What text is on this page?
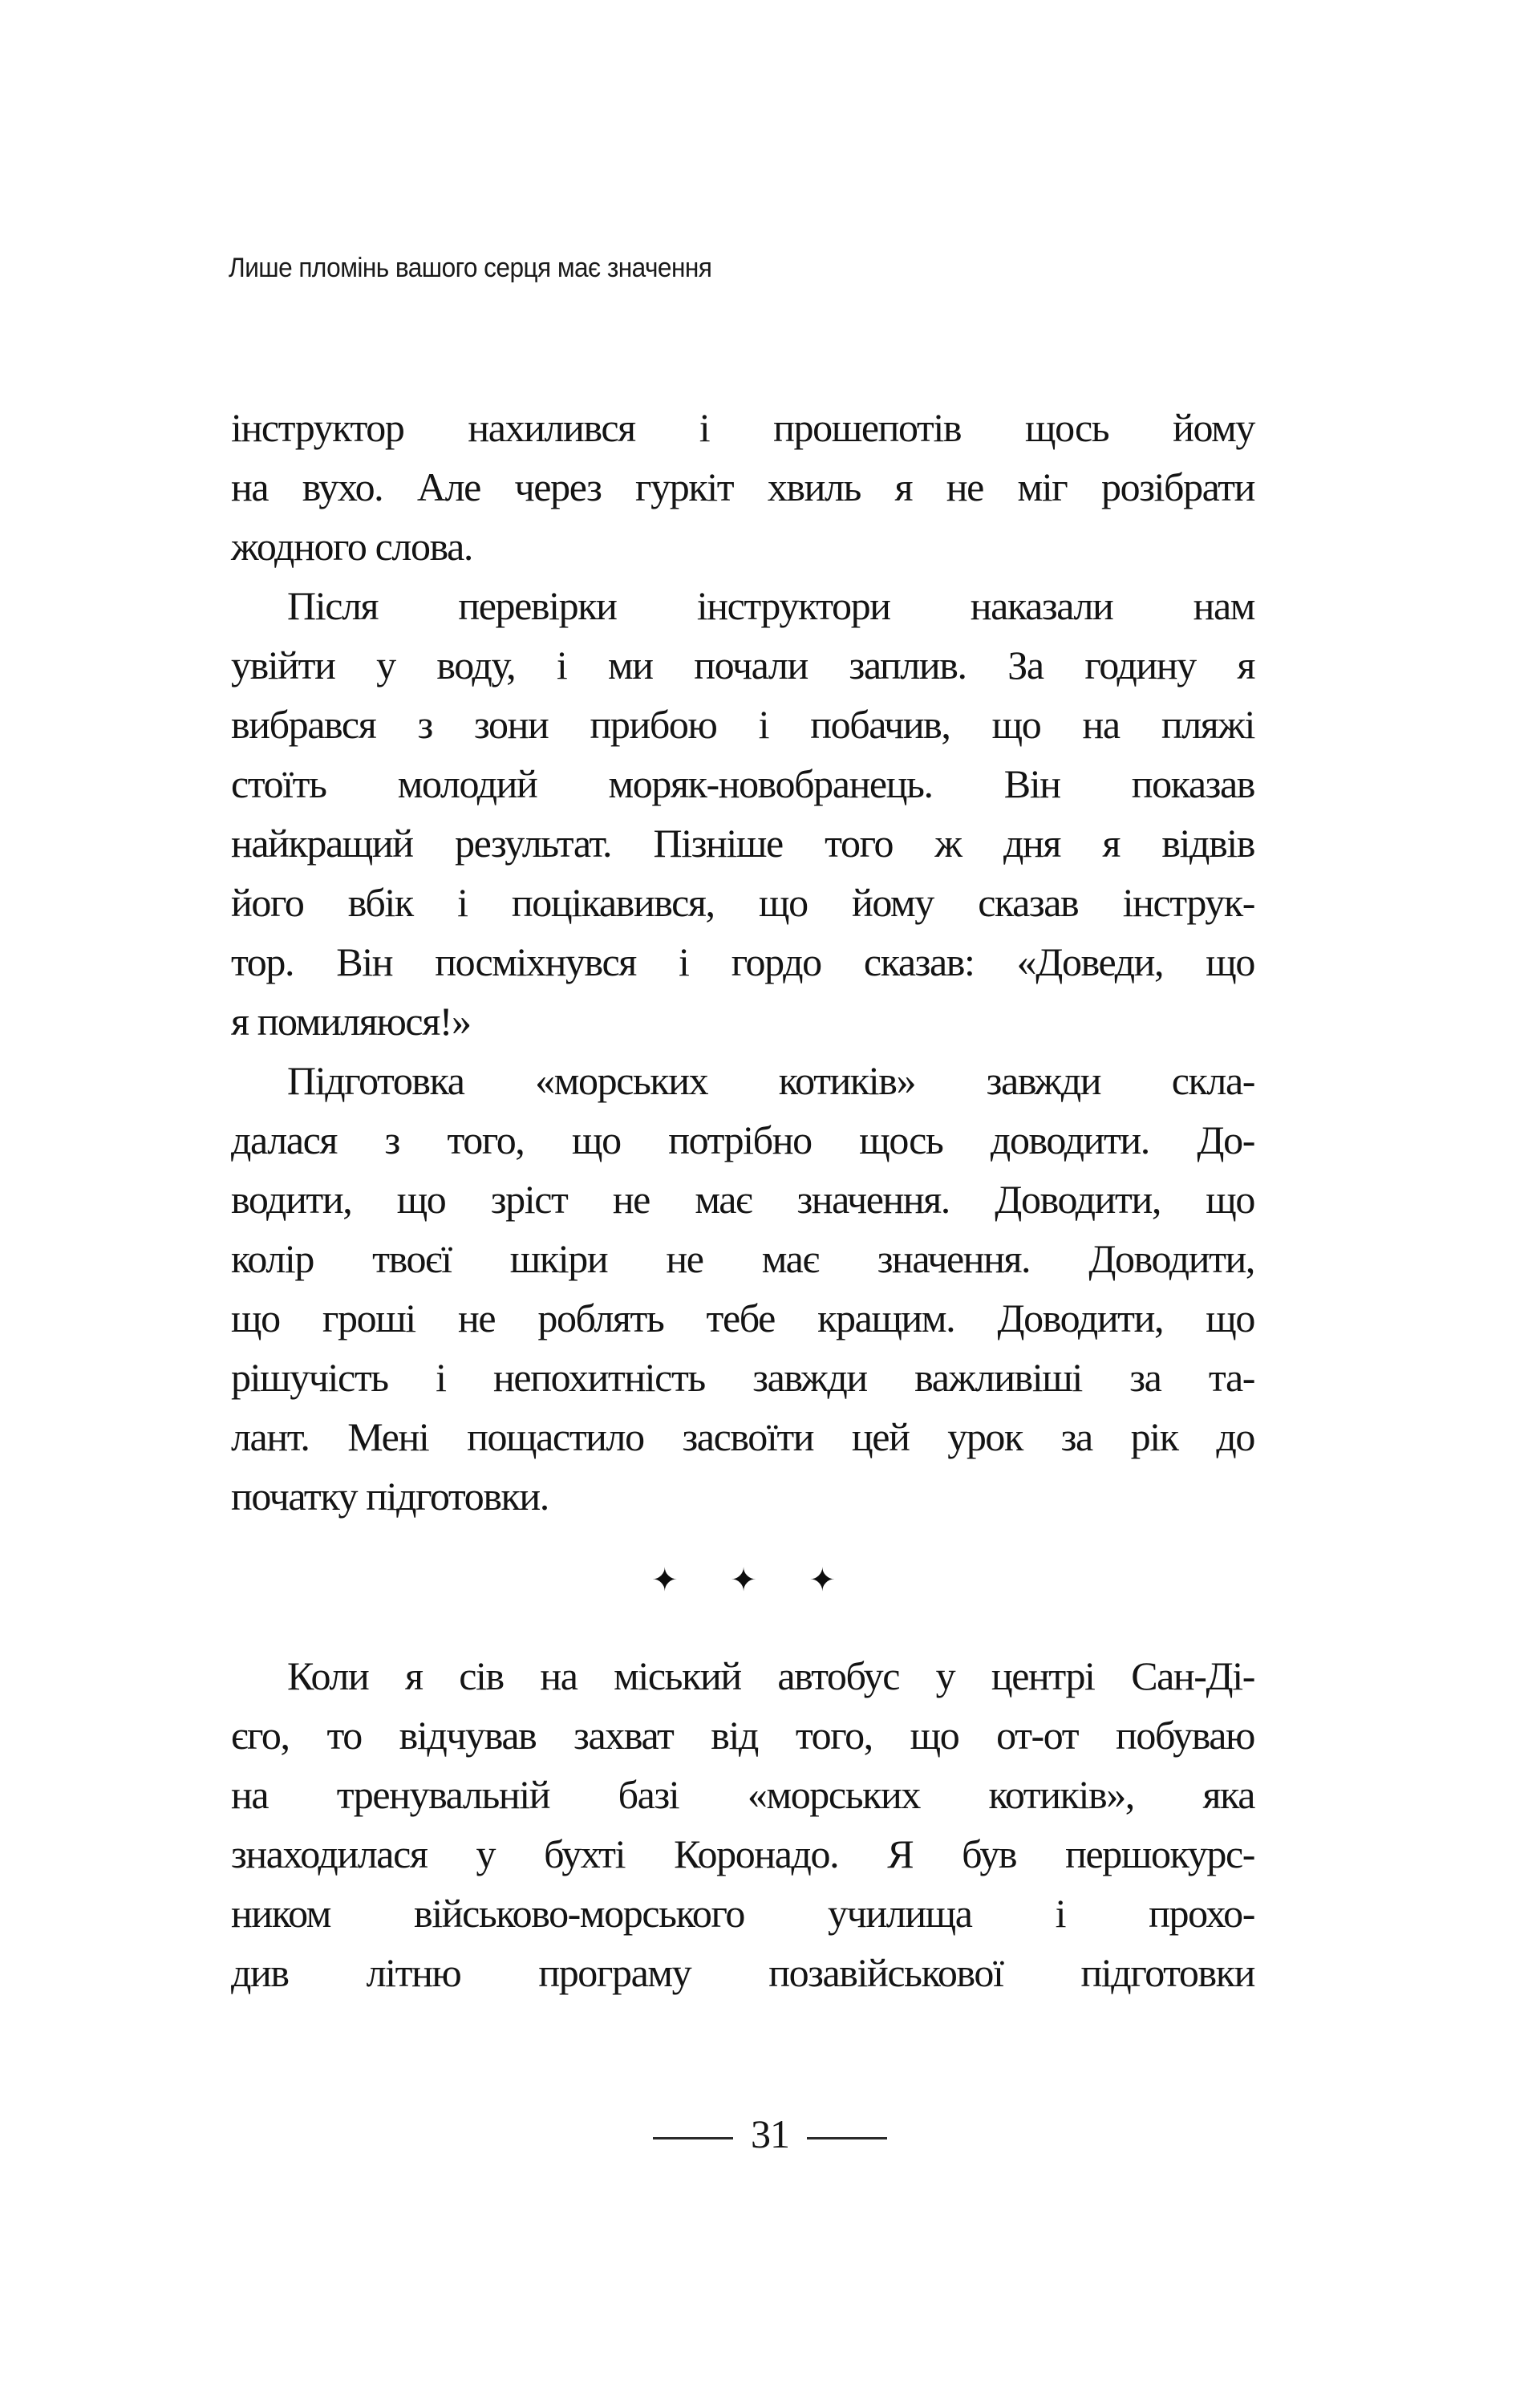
Лише пломінь вашого серця має значення
інструктор нахилився і прошепотів щось йому
на вухо. Але через гуркіт хвиль я не міг розібрати
жодного слова.
Після перевірки інструктори наказали нам
увійти у воду, і ми почали заплив. За годину я
вибрався з зони прибою і побачив, що на пляжі
стоїть молодий моряк-новобранець. Він показав
найкращий результат. Пізніше того ж дня я відвів
його вбік і поцікавився, що йому сказав інструк-
тор. Він посміхнувся і гордо сказав: «Доведи, що
я помиляюся!»
Підготовка «морських котиків» завжди скла-
далася з того, що потрібно щось доводити. До-
водити, що зріст не має значення. Доводити, що
колір твоєї шкіри не має значення. Доводити,
що гроші не роблять тебе кращим. Доводити, що
рішучість і непохитність завжди важливіші за та-
лант. Мені пощастило засвоїти цей урок за рік до
початку підготовки.
Коли я сів на міський автобус у центрі Сан-Ді-
єго, то відчував захват від того, що от-от побуваю
на тренувальній базі «морських котиків», яка
знаходилася у бухті Коронадо. Я був першокурс-
ником військово-морського училища і прохо-
див літню програму позавійськової підготовки
✦ ✦ ✦
31
